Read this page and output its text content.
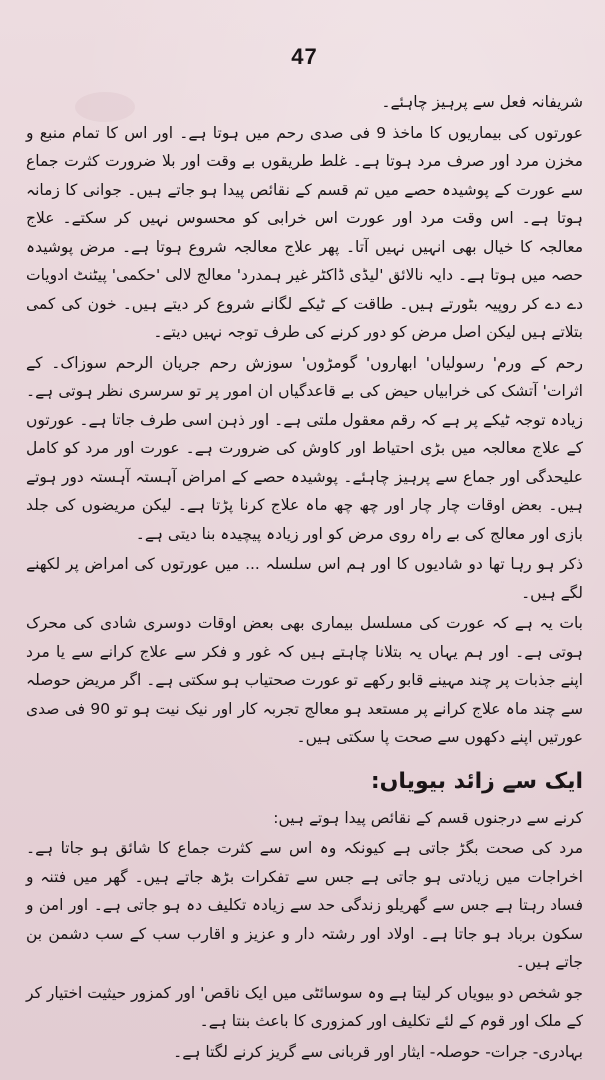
47

شریفانہ فعل سے پرہیز چاہئے۔

عورتوں کی بیماریوں کا ماخذ 9 فی صدی رحم میں ہوتا ہے۔ اور اس کا تمام منبع و مخزن مرد اور صرف مرد ہوتا ہے۔ غلط طریقوں بے وقت اور بلا ضرورت کثرت جماع سے عورت کے پوشیدہ حصے میں تم قسم کے نقائص پیدا ہو جاتے ہیں۔ جوانی کا زمانہ ہوتا ہے۔ اس وقت مرد اور عورت اس خرابی کو محسوس نہیں کر سکتے۔ علاج معالجہ کا خیال بھی انہیں نہیں آتا۔ پھر علاج معالجہ شروع ہوتا ہے۔ مرض پوشیدہ حصہ میں ہوتا ہے۔ دایہ نالائق 'لیڈی ڈاکٹر غیر ہمدرد' معالج لالی 'حکمی' پیٹنٹ ادویات دے دے کر روپیہ بٹورتے ہیں۔ طاقت کے ٹیکے لگانے شروع کر دیتے ہیں۔ خون کی کمی بتلاتے ہیں لیکن اصل مرض کو دور کرنے کی طرف توجہ نہیں دیتے۔

رحم کے ورم' رسولیاں' ابھاروں' گومڑوں' سوزش رحم جریان الرحم سوزاک۔ کے اثرات' آتشک کی خرابیاں حیض کی بے قاعدگیاں ان امور پر تو سرسری نظر ہوتی ہے۔ زیادہ توجہ ٹیکے پر ہے کہ رقم معقول ملتی ہے۔ اور ذہن اسی طرف جاتا ہے۔ عورتوں کے علاج معالجہ میں بڑی احتیاط اور کاوش کی ضرورت ہے۔ عورت اور مرد کو کامل علیحدگی اور جماع سے پرہیز چاہئے۔ پوشیدہ حصے کے امراض آہستہ آہستہ دور ہوتے ہیں۔ بعض اوقات چار چار اور چھ چھ ماہ علاج کرنا پڑتا ہے۔ لیکن مریضوں کی جلد بازی اور معالج کی بے راہ روی مرض کو اور زیادہ پیچیدہ بنا دیتی ہے۔

ذکر ہو رہا تھا دو شادیوں کا اور ہم اس سلسلہ ... میں عورتوں کی امراض پر لکھنے لگے ہیں۔

بات یہ ہے کہ عورت کی مسلسل بیماری بھی بعض اوقات دوسری شادی کی محرک ہوتی ہے۔ اور ہم یہاں یہ بتلانا چاہتے ہیں کہ غور و فکر سے علاج کرانے سے یا مرد اپنے جذبات پر چند مہینے قابو رکھے تو عورت صحتیاب ہو سکتی ہے۔ اگر مریض حوصلہ سے چند ماہ علاج کرانے پر مستعد ہو معالج تجربہ کار اور نیک نیت ہو تو 90 فی صدی عورتیں اپنے دکھوں سے صحت پا سکتی ہیں۔

ایک سے زائد بیویاں:

کرنے سے درجنوں قسم کے نقائص پیدا ہوتے ہیں:

مرد کی صحت بگڑ جاتی ہے کیونکہ وہ اس سے کثرت جماع کا شائق ہو جاتا ہے۔ اخراجات میں زیادتی ہو جاتی ہے جس سے تفکرات بڑھ جاتے ہیں۔ گھر میں فتنہ و فساد رہتا ہے جس سے گھریلو زندگی حد سے زیادہ تکلیف دہ ہو جاتی ہے۔ اور امن و سکون برباد ہو جاتا ہے۔ اولاد اور رشتہ دار و عزیز و اقارب سب کے سب دشمن بن جاتے ہیں۔

جو شخص دو بیویاں کر لیتا ہے وہ سوسائٹی میں ایک ناقص' اور کمزور حیثیت اختیار کر کے ملک اور قوم کے لئے تکلیف اور کمزوری کا باعث بنتا ہے۔

بہادری- جرات- حوصلہ- ایثار اور قربانی سے گریز کرنے لگتا ہے۔
